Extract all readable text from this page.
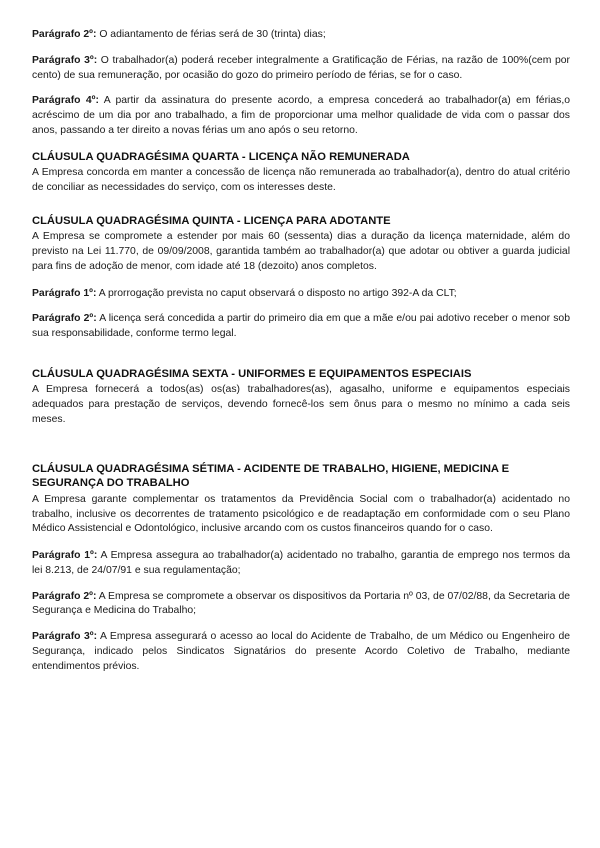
Parágrafo 2º: O adiantamento de férias será de 30 (trinta) dias;

Parágrafo 3º: O trabalhador(a) poderá receber integralmente a Gratificação de Férias, na razão de 100%(cem por cento) de sua remuneração, por ocasião do gozo do primeiro período de férias, se for o caso.

Parágrafo 4º: A partir da assinatura do presente acordo, a empresa concederá ao trabalhador(a) em férias,o acréscimo de um dia por ano trabalhado, a fim de proporcionar uma melhor qualidade de vida com o passar dos anos, passando a ter direito a novas férias um ano após o seu retorno.

CLÁUSULA QUADRAGÉSIMA QUARTA - LICENÇA NÃO REMUNERADA

A Empresa concorda em manter a concessão de licença não remunerada ao trabalhador(a), dentro do atual critério de conciliar as necessidades do serviço, com os interesses deste.

CLÁUSULA QUADRAGÉSIMA QUINTA - LICENÇA PARA ADOTANTE

A Empresa se compromete a estender por mais 60 (sessenta) dias a duração da licença maternidade, além do previsto na Lei 11.770, de 09/09/2008, garantida também ao trabalhador(a) que adotar ou obtiver a guarda judicial para fins de adoção de menor, com idade até 18 (dezoito) anos completos.

Parágrafo 1º: A prorrogação prevista no caput observará o disposto no artigo 392-A da CLT;

Parágrafo 2º: A licença será concedida a partir do primeiro dia em que a mãe e/ou pai adotivo receber o menor sob sua responsabilidade, conforme termo legal.

CLÁUSULA QUADRAGÉSIMA SEXTA - UNIFORMES E EQUIPAMENTOS ESPECIAIS

A Empresa fornecerá a todos(as) os(as) trabalhadores(as), agasalho, uniforme e equipamentos especiais adequados para prestação de serviços, devendo fornecê-los sem ônus para o mesmo no mínimo a cada seis meses.

CLÁUSULA QUADRAGÉSIMA SÉTIMA - ACIDENTE DE TRABALHO, HIGIENE, MEDICINA E SEGURANÇA DO TRABALHO

A Empresa garante complementar os tratamentos da Previdência Social com o trabalhador(a) acidentado no trabalho, inclusive os decorrentes de tratamento psicológico e de readaptação em conformidade com o seu Plano Médico Assistencial e Odontológico, inclusive arcando com os custos financeiros quando for o caso.

Parágrafo 1º: A Empresa assegura ao trabalhador(a) acidentado no trabalho, garantia de emprego nos termos da lei 8.213, de 24/07/91 e sua regulamentação;

Parágrafo 2º: A Empresa se compromete a observar os dispositivos da Portaria nº 03, de 07/02/88, da Secretaria de Segurança e Medicina do Trabalho;

Parágrafo 3º: A Empresa assegurará o acesso ao local do Acidente de Trabalho, de um Médico ou Engenheiro de Segurança, indicado pelos Sindicatos Signatários do presente Acordo Coletivo de Trabalho, mediante entendimentos prévios.
